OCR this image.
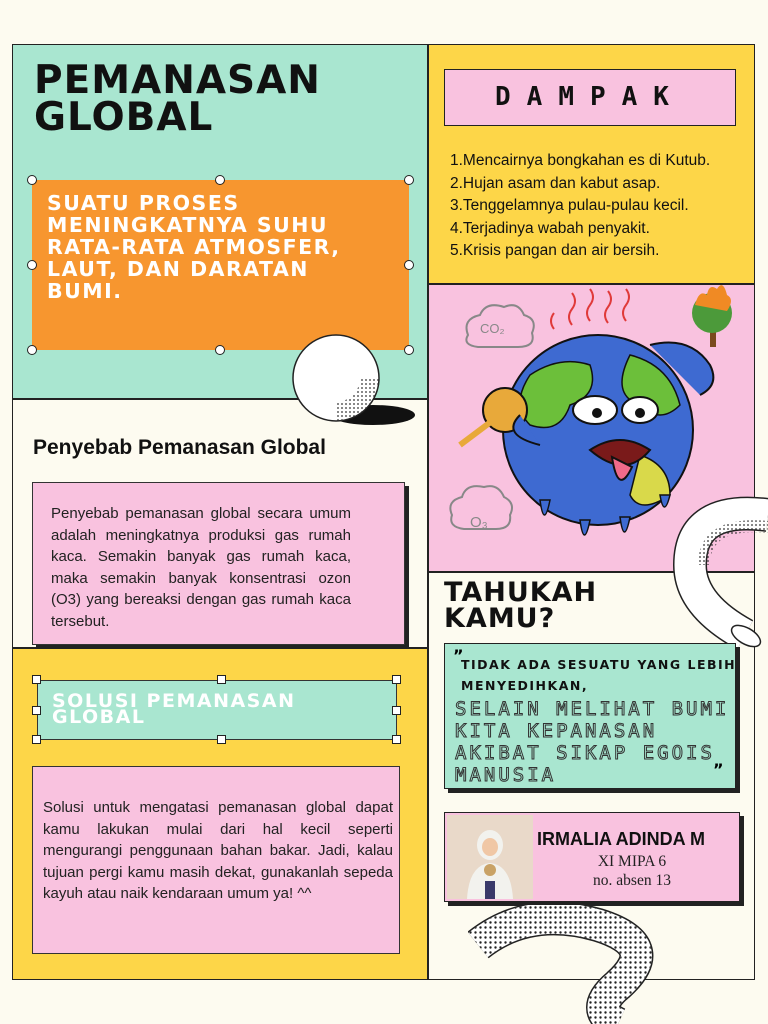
PEMANASAN
GLOBAL
SUATU PROSES MENINGKATNYA SUHU RATA-RATA ATMOSFER, LAUT, DAN DARATAN BUMI.
DAMPAK
1.Mencairnya bongkahan es di Kutub.
2.Hujan asam dan kabut asap.
3.Tenggelamnya pulau-pulau kecil.
4.Terjadinya wabah penyakit.
5.Krisis pangan dan air bersih.
CO₂
O₃
Penyebab Pemanasan Global
Penyebab pemanasan global secara umum adalah meningkatnya produksi gas rumah kaca. Semakin banyak gas rumah kaca, maka semakin banyak konsentrasi ozon (O3) yang bereaksi dengan gas rumah kaca tersebut.
SOLUSI PEMANASAN
GLOBAL
Solusi untuk mengatasi pemanasan global dapat kamu lakukan mulai dari hal kecil seperti mengurangi penggunaan bahan bakar. Jadi, kalau tujuan pergi kamu masih dekat, gunakanlah sepeda kayuh atau naik kendaraan umum ya! ^^
TAHUKAH
KAMU?
”
TIDAK ADA SESUATU YANG LEBIH
MENYEDIHKAN,
SELAIN MELIHAT BUMI
KITA KEPANASAN
AKIBAT SIKAP EGOIS
MANUSIA	”
IRMALIA ADINDA M
XI MIPA 6
no. absen 13
